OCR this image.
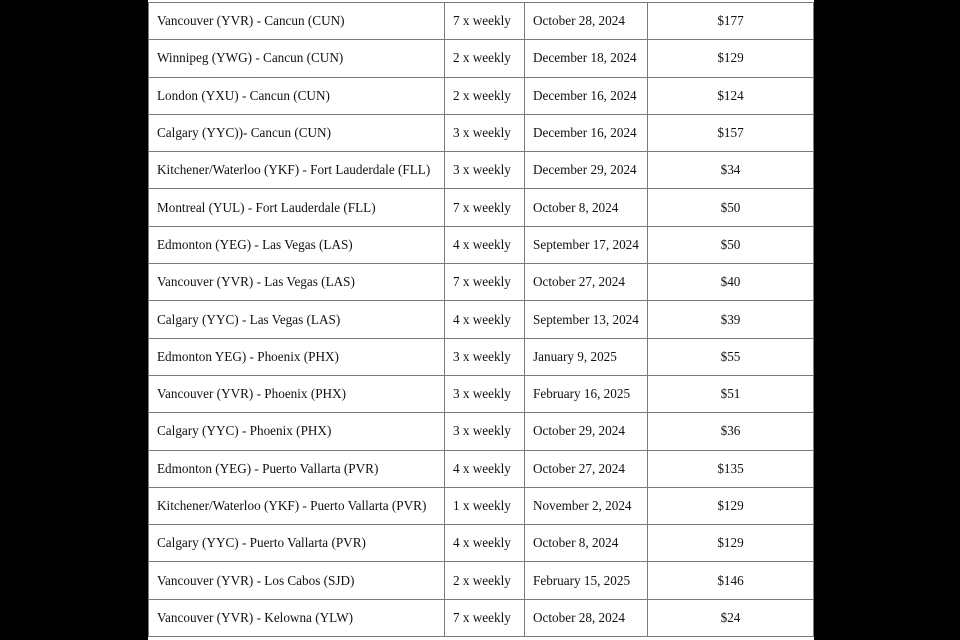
Vancouver (YVR) - Cancun (CUN)	7 x weekly	October 28, 2024	$177
Winnipeg (YWG) - Cancun (CUN)	2 x weekly	December 18, 2024	$129
London (YXU) - Cancun (CUN)	2 x weekly	December 16, 2024	$124
Calgary (YYC))- Cancun (CUN)	3 x weekly	December 16, 2024	$157
Kitchener/Waterloo (YKF) - Fort Lauderdale (FLL)	3 x weekly	December 29, 2024	$34
Montreal (YUL) - Fort Lauderdale (FLL)	7 x weekly	October 8, 2024	$50
Edmonton (YEG) - Las Vegas (LAS)	4 x weekly	September 17, 2024	$50
Vancouver (YVR) - Las Vegas (LAS)	7 x weekly	October 27, 2024	$40
Calgary (YYC) - Las Vegas (LAS)	4 x weekly	September 13, 2024	$39
Edmonton YEG) - Phoenix (PHX)	3 x weekly	January 9, 2025	$55
Vancouver (YVR) - Phoenix (PHX)	3 x weekly	February 16, 2025	$51
Calgary (YYC) - Phoenix (PHX)	3 x weekly	October 29, 2024	$36
Edmonton (YEG) - Puerto Vallarta (PVR)	4 x weekly	October 27, 2024	$135
Kitchener/Waterloo (YKF) - Puerto Vallarta (PVR)	1 x weekly	November 2, 2024	$129
Calgary (YYC) - Puerto Vallarta (PVR)	4 x weekly	October 8, 2024	$129
Vancouver (YVR) - Los Cabos (SJD)	2 x weekly	February 15, 2025	$146
Vancouver (YVR) - Kelowna (YLW)	7 x weekly	October 28, 2024	$24
